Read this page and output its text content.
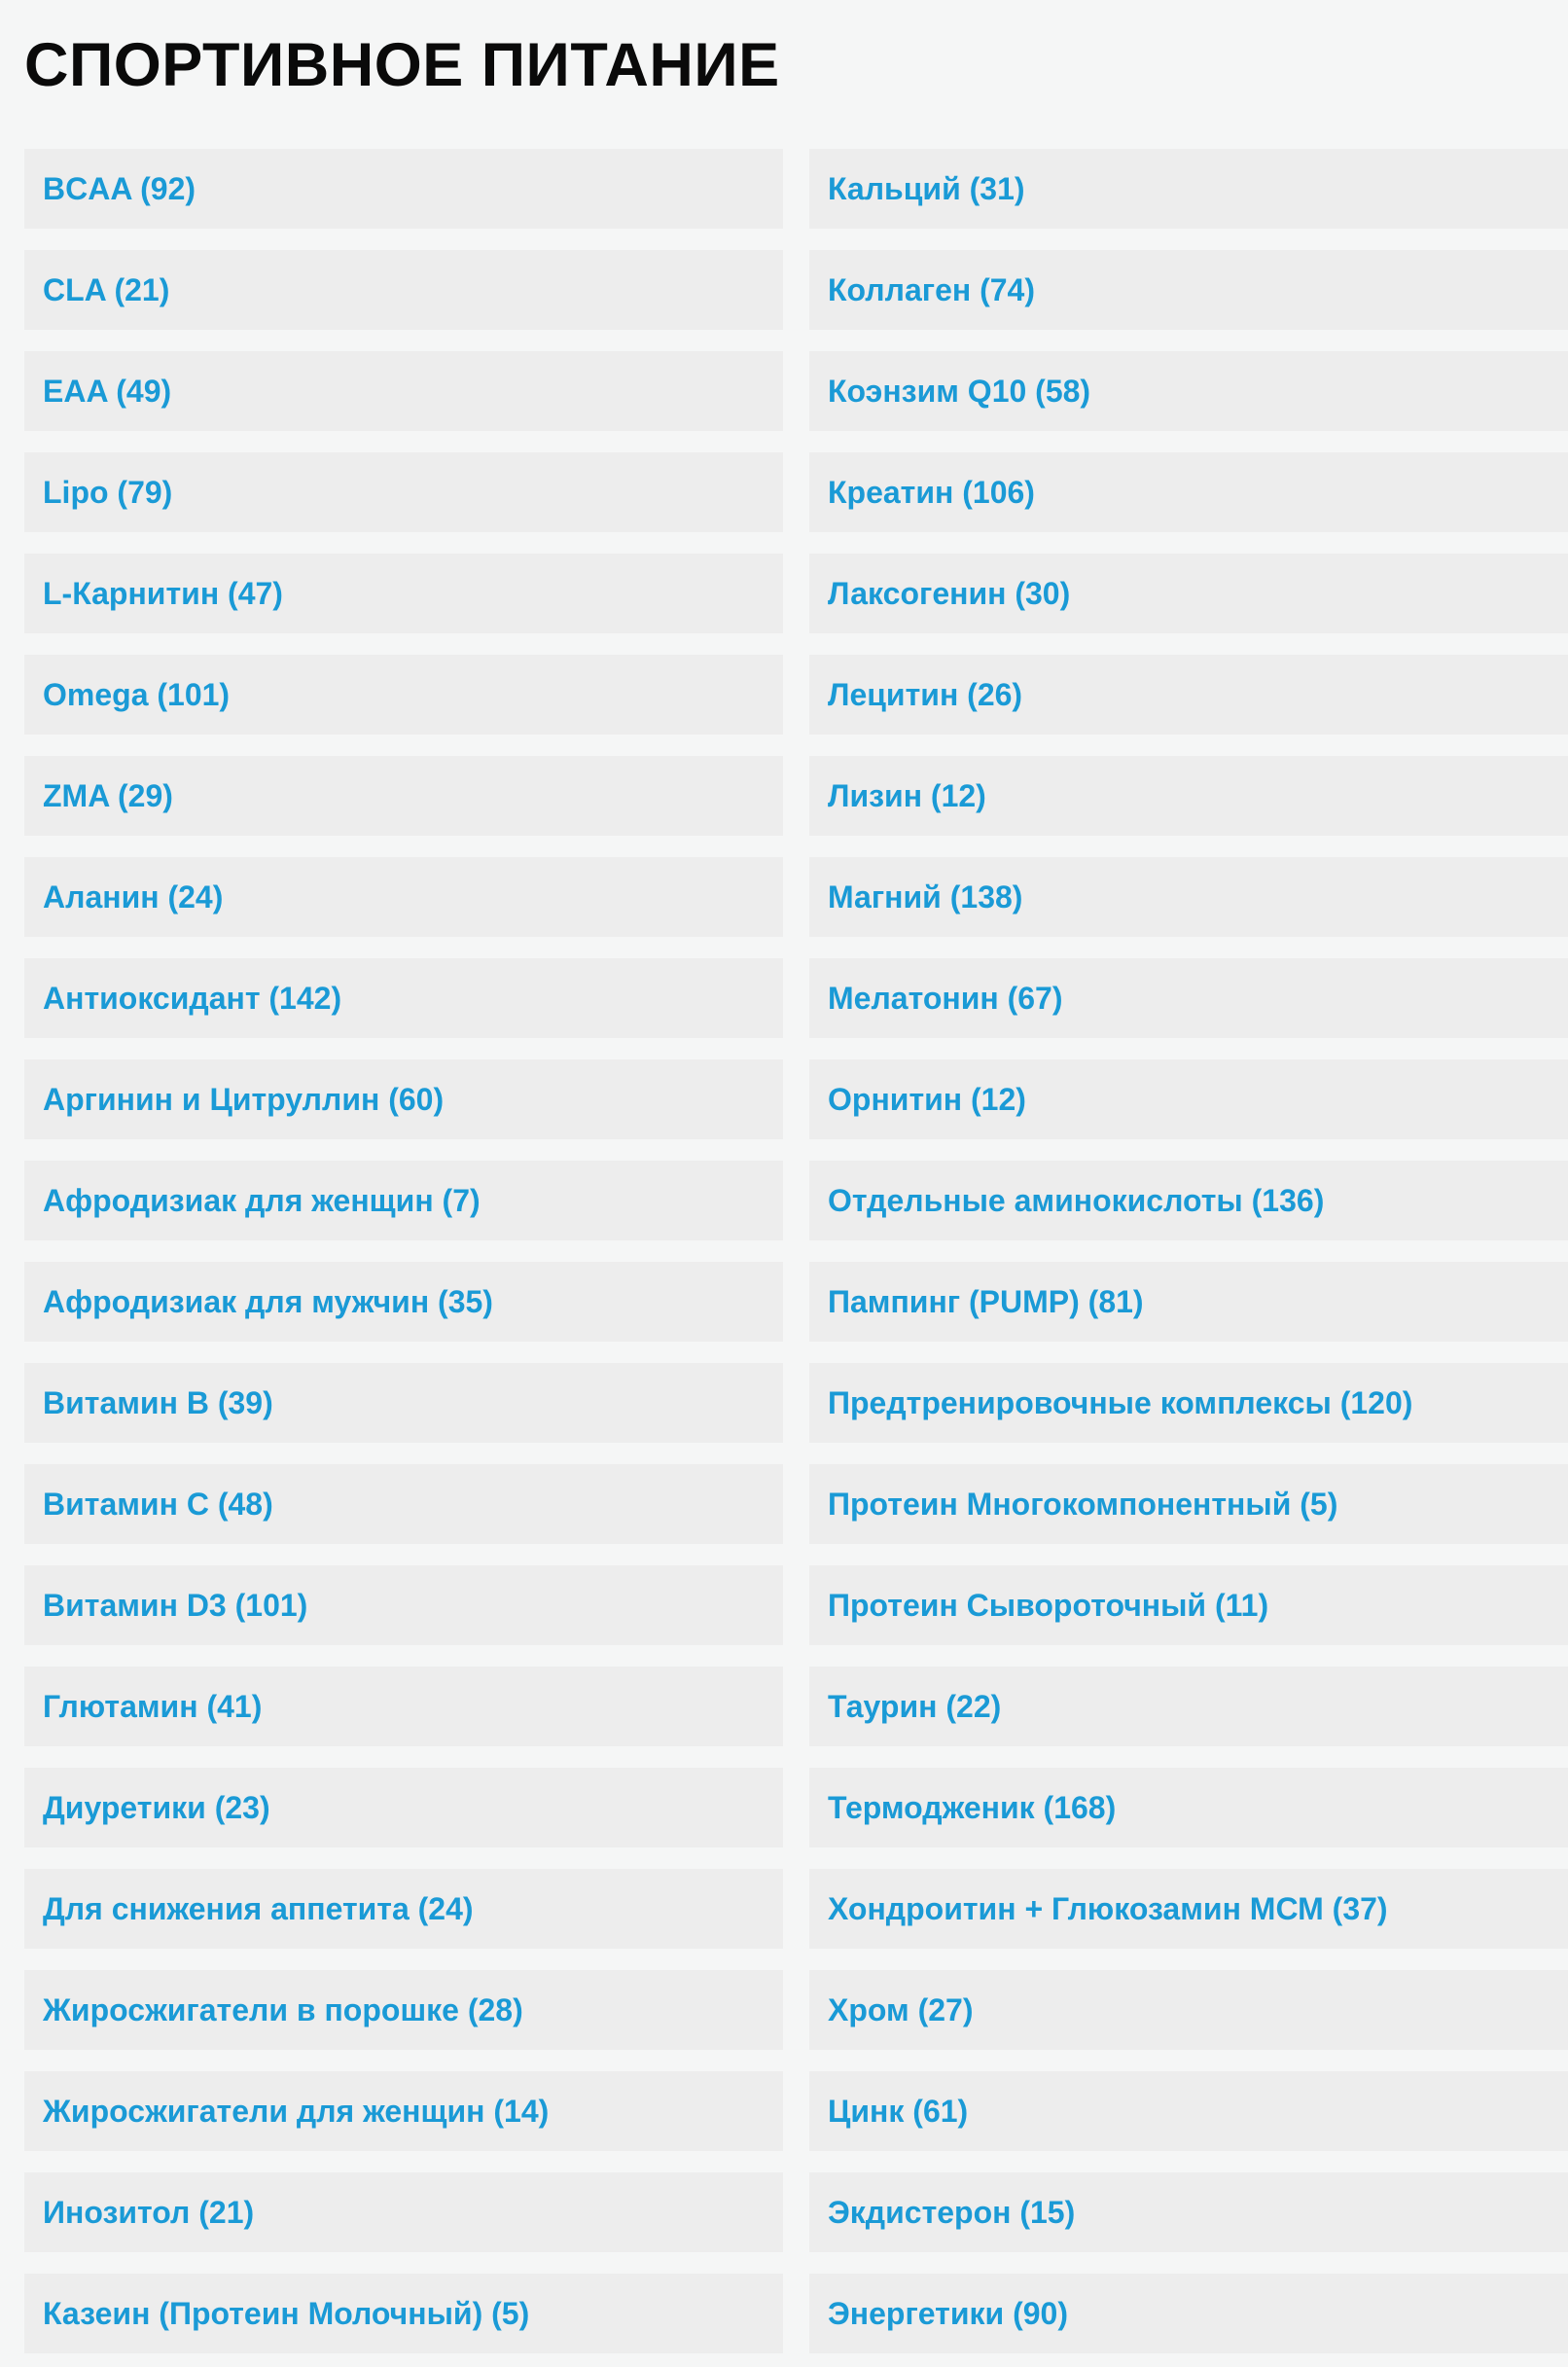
СПОРТИВНОЕ ПИТАНИЕ
BCAA (92)	Кальций (31)
CLA (21)	Коллаген (74)
EAA (49)	Коэнзим Q10 (58)
Lipo (79)	Креатин (106)
L-Карнитин (47)	Лаксогенин (30)
Omega (101)	Лецитин (26)
ZMA (29)	Лизин (12)
Аланин (24)	Магний (138)
Антиоксидант (142)	Мелатонин (67)
Аргинин и Цитруллин (60)	Орнитин (12)
Афродизиак для женщин (7)	Отдельные аминокислоты (136)
Афродизиак для мужчин (35)	Пампинг (PUMP) (81)
Витамин B (39)	Предтренировочные комплексы (120)
Витамин C (48)	Протеин Многокомпонентный (5)
Витамин D3 (101)	Протеин Сывороточный (11)
Глютамин (41)	Таурин (22)
Диуретики (23)	Термодженик (168)
Для снижения аппетита (24)	Хондроитин + Глюкозамин МСМ (37)
Жиросжигатели в порошке (28)	Хром (27)
Жиросжигатели для женщин (14)	Цинк (61)
Инозитол (21)	Экдистерон (15)
Казеин (Протеин Молочный) (5)	Энергетики (90)
